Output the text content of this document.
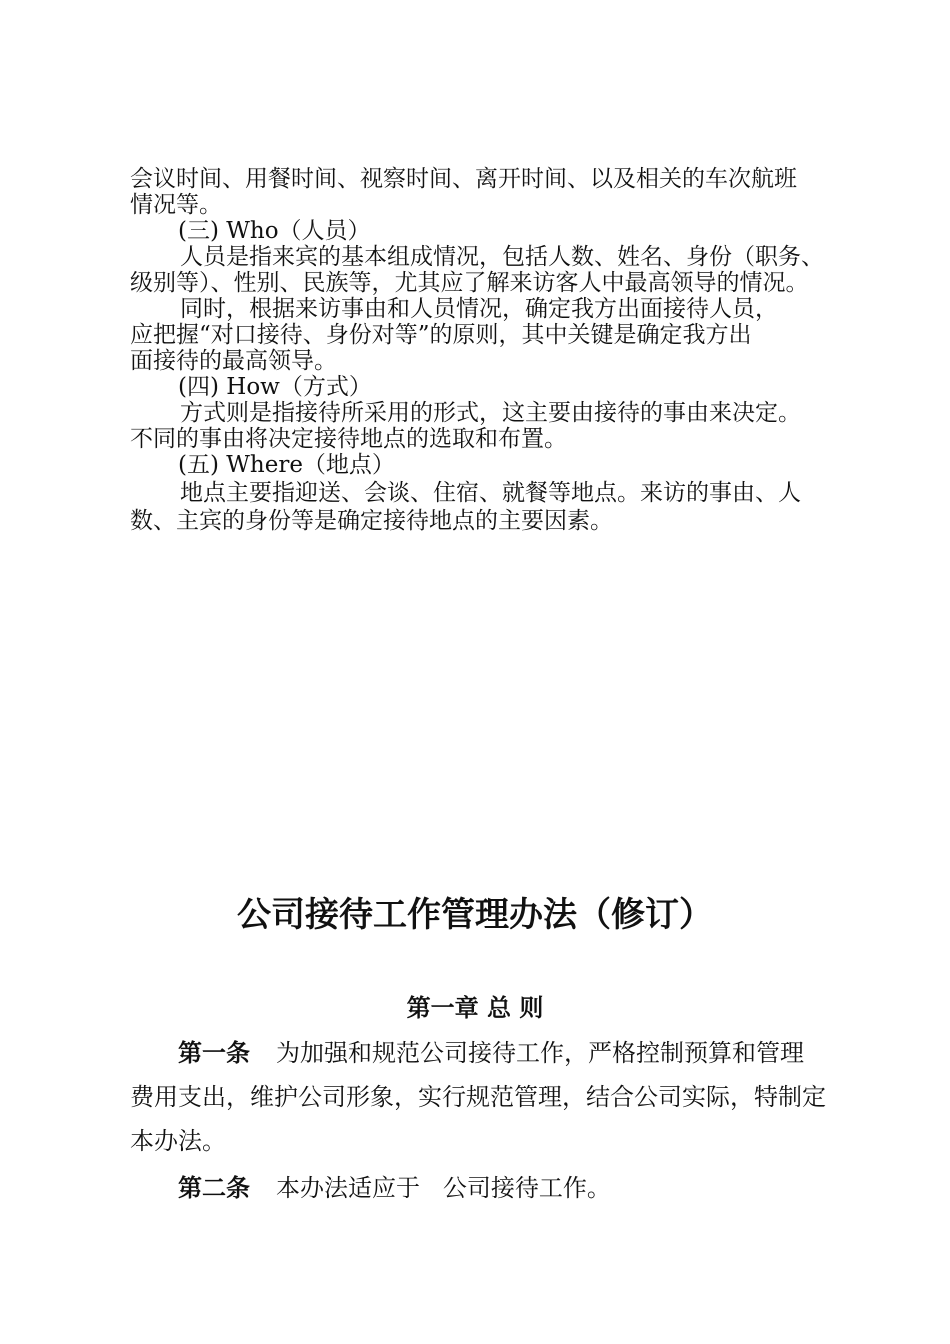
会议时间、用餐时间、视察时间、离开时间、以及相关的车次航班
情况等。
(三) Who（人员）
人员是指来宾的基本组成情况，包括人数、姓名、身份（职务、
级别等）、性别、民族等，尤其应了解来访客人中最高领导的情况。
同时，根据来访事由和人员情况，确定我方出面接待人员，
应把握“对口接待、身份对等”的原则，其中关键是确定我方出
面接待的最高领导。
(四) How（方式）
方式则是指接待所采用的形式，这主要由接待的事由来决定。
不同的事由将决定接待地点的选取和布置。
(五) Where（地点）
地点主要指迎送、会谈、住宿、就餐等地点。来访的事由、人
数、主宾的身份等是确定接待地点的主要因素。
公司接待工作管理办法（修订）
第一章 总 则
第一条 为加强和规范公司接待工作，严格控制预算和管理
费用支出，维护公司形象，实行规范管理，结合公司实际，特制定
本办法。
第二条 本办法适应于   公司接待工作。
